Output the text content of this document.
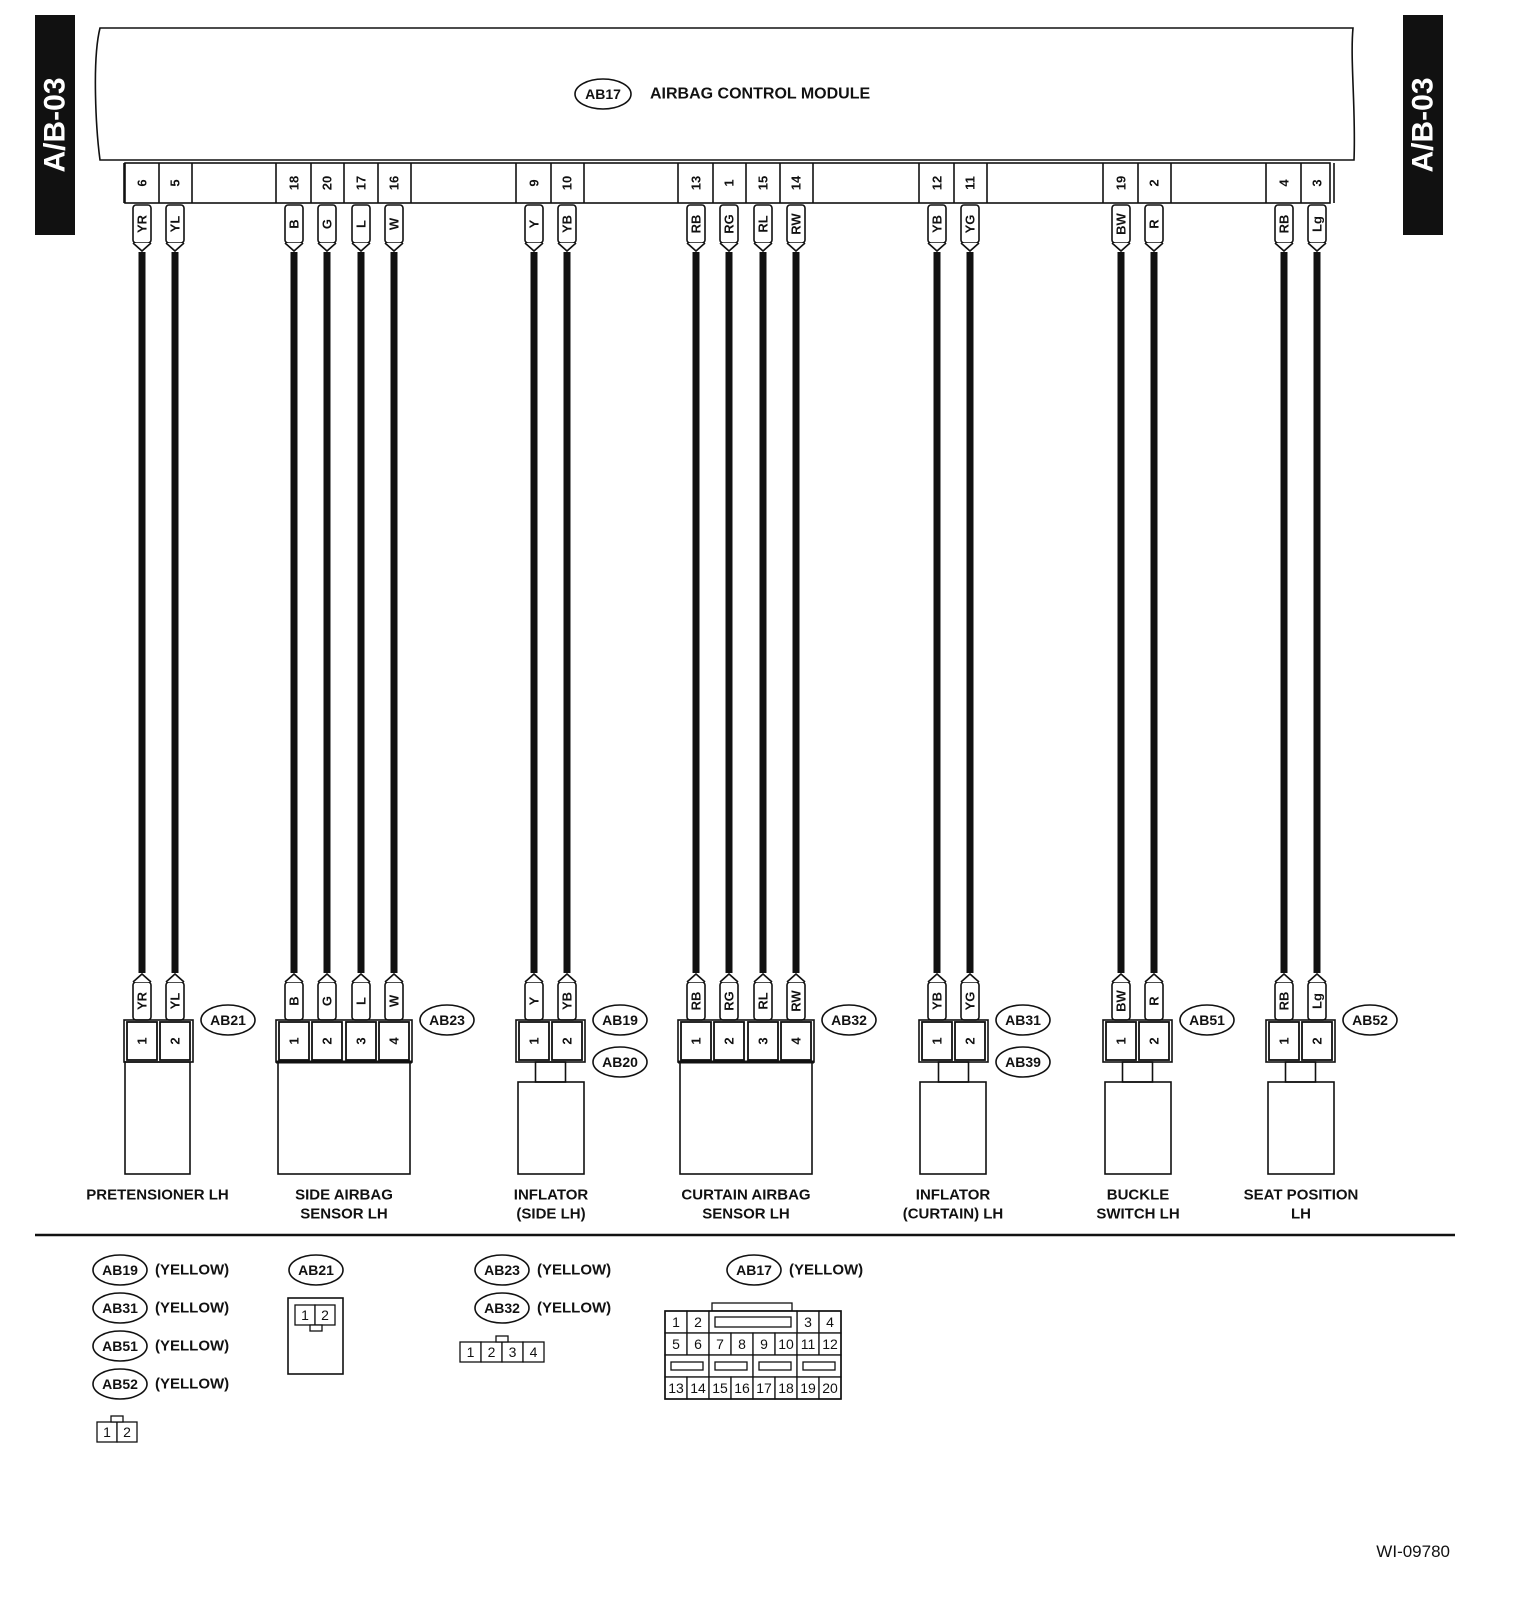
A/B-03	A/B-03
AB17 AIRBAG CONTROL MODULE
6
YR
YR
1
5
YL
YL
2
AB21
PRETENSIONER LH
18
B
B
1
20
G
G
2
17
L
L
3
16
W
W
4
AB23
SIDE AIRBAG
SENSOR LH
9
Y
Y
1
10
YB
YB
2
AB19
AB20
INFLATOR
(SIDE LH)
13
RB
RB
1
1
RG
RG
2
15
RL
RL
3
14
RW
RW
4
AB32
CURTAIN AIRBAG
SENSOR LH
12
YB
YB
1
11
YG
YG
2
AB31
AB39
INFLATOR
(CURTAIN) LH
19
BW
BW
1
2
R
R
2
AB51
BUCKLE
SWITCH LH
4
RB
RB
1
3
Lg
Lg
2
AB52
SEAT POSITION
LH
AB19 (YELLOW)
AB31 (YELLOW)
AB51 (YELLOW)
AB52 (YELLOW)
1 2
AB21
1 2
AB23 (YELLOW)
AB32 (YELLOW)
1 2 3 4
AB17 (YELLOW)
1 2	3 4
5 6 7 8 9 10 11 12
13 14 15 16 17 18 19 20
WI-09780
